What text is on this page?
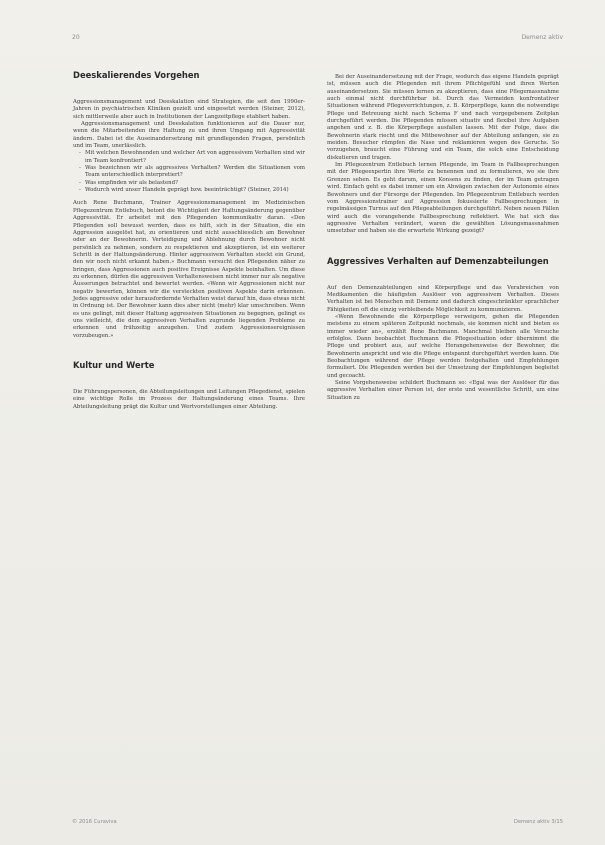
20	Demenz aktiv
Deeskalierendes Vorgehen

Aggressionsmanagement und Deeskalation sind Strategien, die seit den 1990er-Jahren in psychiatrischen Kliniken gezielt und eingesetzt werden (Steiner, 2012), sich mittlerweile aber auch in Institutionen der Langzeitpflege etabliert haben.

Aggressionsmanagement und Deeskalation funktionieren auf die Dauer nur, wenn die Mitarbeitenden ihre Haltung zu und ihren Umgang mit Aggressivität ändern. Dabei ist die Auseinandersetzung mit grundlegenden Fragen, persönlich und im Team, unerlässlich.

- Mit welchen Bewohnenden und welcher Art von aggressivem Verhalten sind wir im Team konfrontiert?
- Was bezeichnen wir als aggressives Verhalten? Werden die Situationen vom Team unterschiedlich interpretiert?
- Was empfinden wir als belastend?
- Wodurch wird unser Handeln geprägt bzw. beeinträchtigt? (Steiner, 2014)

Auch Rene Buchmann, Trainer Aggressionsmanagement im Medizinischen Pflegezentrum Entlebuch, betont die Wichtigkeit der Haltungsänderung gegenüber Aggressivität. Er arbeitet mit den Pflegenden kommunikativ daran. «Den Pflegenden soll bewusst werden, dass es hilft, sich in der Situation, die ein Aggression ausgelöst hat, zu orientieren und nicht ausschliesslich am Bewohner oder an der Bewohnerin. Verteidigung und Ablehnung durch Bewohner nicht persönlich zu nehmen, sondern zu respektieren und akzeptieren, ist ein weiterer Schritt in der Haltungsänderung. Hinter aggressivem Verhalten steckt ein Grund, den wir noch nicht erkannt haben.» Buchmann versucht den Pflegenden näher zu bringen, dass Aggressionen auch positive Ereignisse Aspekte beinhalten. Um diese zu erkennen, dürfen die aggressiven Verhaltensweisen nicht immer nur als negative Äusserungen betrachtet und bewertet werden. «Wenn wir Aggressionen nicht nur negativ bewerten, können wir die versteckten positiven Aspekte darin erkennen. Jedes aggressive oder herausfordernde Verhalten weist darauf hin, dass etwas nicht in Ordnung ist. Der Bewohner kann dies aber nicht (mehr) klar umschreiben. Wenn es uns gelingt, mit dieser Haltung aggressiven Situationen zu begegnen, gelingt es uns vielleicht, die dem aggressiven Verhalten zugrunde liegenden Probleme zu erkennen und frühzeitig anzugehen. Und zudem Aggressionsereignissen vorzubeugen.»

Kultur und Werte

Die Führungspersonen, die Abteilungsleitungen und Leitungen Pflegedienst, spielen eine wichtige Rolle im Prozess der Haltungsänderung eines Teams. Ihre Abteilungsleitung prägt die Kultur und Wertvorstellungen einer Abteilung.

Bei der Auseinandersetzung mit der Frage, wodurch das eigene Handeln geprägt ist, müssen auch die Pflegenden mit ihrem Pflichtgefühl und ihren Werten auseinandersetzen. Sie müssen lernen zu akzeptieren, dass eine Pflegemassnahme auch einmal nicht durchführbar ist. Durch das Vermeiden konfrontativer Situationen während Pflegeverrichtungen, z. B. Körperpflege, kann die notwendige Pflege und Betreuung nicht nach Schema F und nach vorgegebenem Zeitplan durchgeführt werden. Die Pflegenden müssen situativ und flexibel ihre Aufgaben angehen und z. B. die Körperpflege ausfallen lassen. Mit der Folge, dass die Bewohnerin stark riecht und die Mitbewohner auf der Abteilung anfangen, sie zu meiden. Besucher rümpfen die Nase und reklamieren wegen des Geruchs. So vorzugehen, braucht eine Führung und ein Team, die solch eine Entscheidung diskutieren und tragen.

Im Pflegezentrum Entlebuch lernen Pflegende, im Team in Fallbesprechungen mit der Pflegeexpertin ihre Werte zu benennen und zu formulieren, wo sie ihre Grenzen sehen. Es geht darum, einen Konsens zu finden, der im Team getragen wird. Einfach geht es dabei immer um ein Abwägen zwischen der Autonomie eines Bewohners und der Fürsorge der Pflegenden. Im Pflegezentrum Entlebuch werden vom Aggressionstrainer auf Aggression fokussierte Fallbesprechungen in regelmässigen Turnus auf den Pflegeabteilungen durchgeführt. Neben neuen Fällen wird auch die vorangehende Fallbesprechung reflektiert. Wie hat sich das aggressive Verhalten verändert, waren die gewählten Lösungsmassnahmen umsetzbar und haben sie die erwartete Wirkung gezeigt?

Aggressives Verhalten auf Demenzabteilungen

Auf den Demenzabteilungen sind Körperpflege und das Verabreichen von Medikamenten die häufigsten Auslöser von aggressivem Verhalten. Dieses Verhalten ist bei Menschen mit Demenz und dadurch eingeschränkter sprachlicher Fähigkeiten oft die einzig verbleibende Möglichkeit zu kommunizieren.

«Wenn Bewohnende die Körperpflege verweigern, gehen die Pflegenden meistens zu einem späteren Zeitpunkt nochmals, sie kommen nicht und bieten es immer wieder an», erzählt Rene Buchmann. Manchmal bleiben alle Versuche erfolglos. Dann beobachtet Buchmann die Pflegesituation oder übernimmt die Pflege und probiert aus, auf welche Herangehensweise der Bewohner, die Bewohnerin anspricht und wie die Pflege entspannt durchgeführt werden kann. Die Beobachtungen während der Pflege werden festgehalten und Empfehlungen formuliert. Die Pflegenden werden bei der Umsetzung der Empfehlungen begleitet und gecoacht.

Seine Vorgehensweise schildert Buchmann so: «Egal was der Auslöser für das aggressive Verhalten einer Person ist, der erste und wesentliche Schritt, um eine Situation zu

© 2016 Curaviva	Demenz aktiv 3/15
